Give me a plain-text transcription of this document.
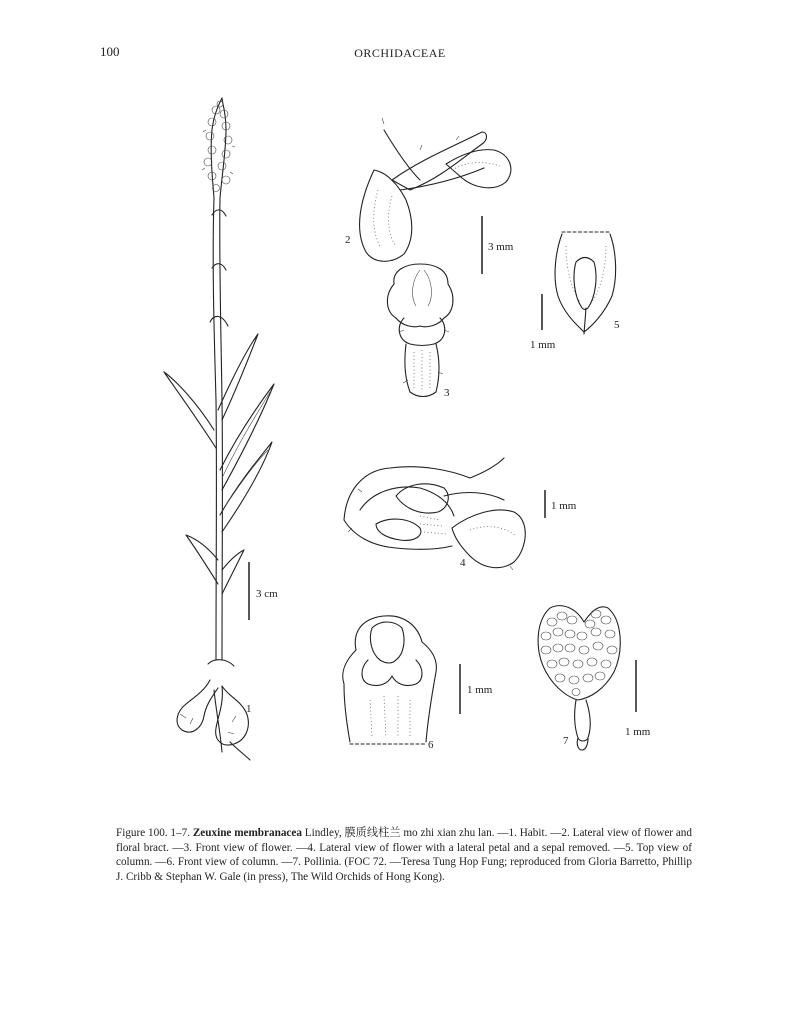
100	ORCHIDACEAE
1
3 cm
2
3 mm
3
5
1 mm
4
1 mm
6
1 mm
7
1 mm
Figure 100. 1–7. Zeuxine membranacea Lindley, 膜质线柱兰 mo zhi xian zhu lan. —1. Habit. —2. Lateral view of flower and floral bract. —3. Front view of flower. —4. Lateral view of flower with a lateral petal and a sepal removed. —5. Top view of column. —6. Front view of column. —7. Pollinia. (FOC 72. —Teresa Tung Hop Fung; reproduced from Gloria Barretto, Phillip J. Cribb & Stephan W. Gale (in press), The Wild Orchids of Hong Kong).
